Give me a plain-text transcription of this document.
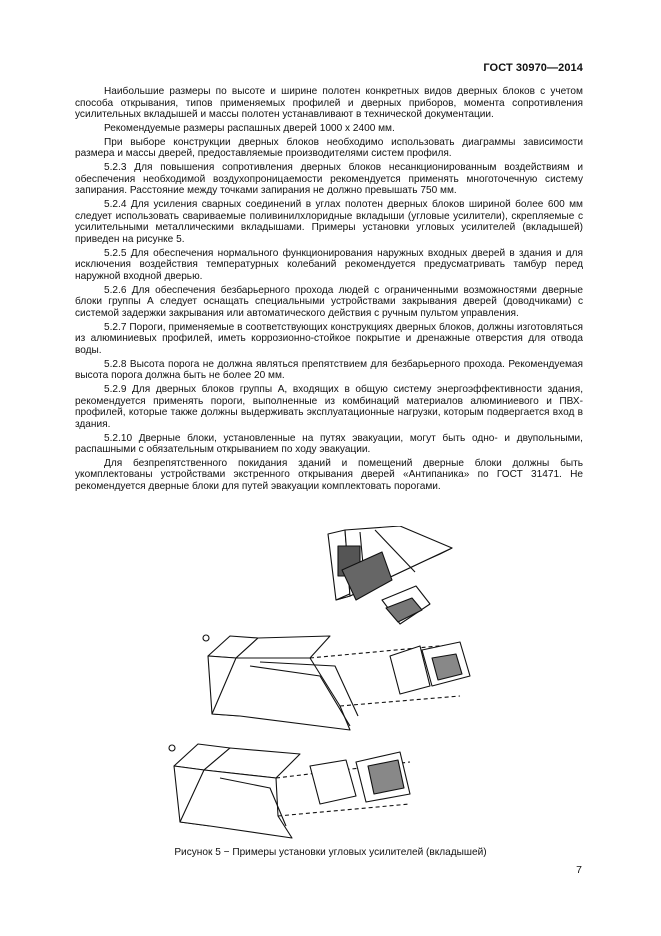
ГОСТ 30970—2014

Наибольшие размеры по высоте и ширине полотен конкретных видов дверных блоков с учетом способа открывания, типов применяемых профилей и дверных приборов, момента сопротивления усилительных вкладышей и массы полотен устанавливают в технической документации.

Рекомендуемые размеры распашных дверей 1000 х 2400 мм.

При выборе конструкции дверных блоков необходимо использовать диаграммы зависимости размера и массы дверей, предоставляемые производителями систем профиля.

5.2.3 Для повышения сопротивления дверных блоков несанкционированным воздействиям и обеспечения необходимой воздухопроницаемости рекомендуется применять многоточечную систему запирания. Расстояние между точками запирания не должно превышать 750 мм.

5.2.4 Для усиления сварных соединений в углах полотен дверных блоков шириной более 600 мм следует использовать свариваемые поливинилхлоридные вкладыши (угловые усилители), скрепляемые с усилительными металлическими вкладышами. Примеры установки угловых усилителей (вкладышей) приведен на рисунке 5.

5.2.5 Для обеспечения нормального функционирования наружных входных дверей в здания и для исключения воздействия температурных колебаний рекомендуется предусматривать тамбур перед наружной входной дверью.

5.2.6 Для обеспечения безбарьерного прохода людей с ограниченными возможностями дверные блоки группы А следует оснащать специальными устройствами закрывания дверей (доводчиками) с системой задержки закрывания или автоматического действия с ручным пультом управления.

5.2.7 Пороги, применяемые в соответствующих конструкциях дверных блоков, должны изготовляться из алюминиевых профилей, иметь коррозионно-стойкое покрытие и дренажные отверстия для отвода воды.

5.2.8 Высота порога не должна являться препятствием для безбарьерного прохода. Рекомендуемая высота порога должна быть не более 20 мм.

5.2.9 Для дверных блоков группы А, входящих в общую систему энергоэффективности здания, рекомендуется применять пороги, выполненные из комбинаций материалов алюминиевого и ПВХ-профилей, которые также должны выдерживать эксплуатационные нагрузки, которым подвергается вход в здания.

5.2.10 Дверные блоки, установленные на путях эвакуации, могут быть одно- и двупольными, распашными с обязательным открыванием по ходу эвакуации.

Для безпрепятственного покидания зданий и помещений дверные блоки должны быть укомплектованы устройствами экстренного открывания дверей «Антипаника» по ГОСТ 31471. Не рекомендуется дверные блоки для путей эвакуации комплектовать порогами.

Рисунок 5 − Примеры установки угловых усилителей (вкладышей)
7
